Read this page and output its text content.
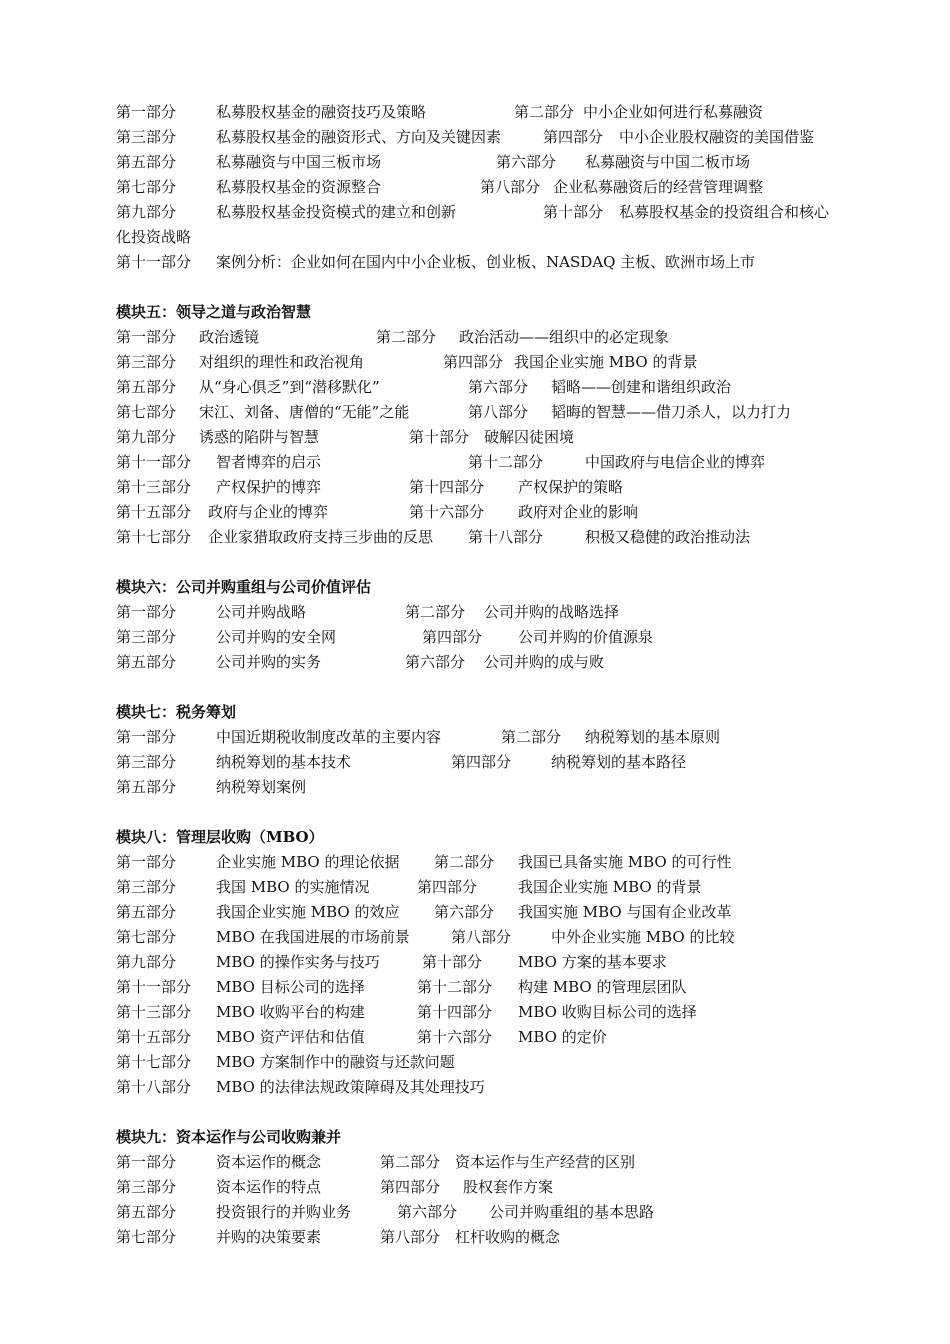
第一部分	私募股权基金的融资技巧及策略	第二部分 中小企业如何进行私募融资
第三部分	私募股权基金的融资形式、方向及关键因素	第四部分 中小企业股权融资的美国借鉴
第五部分	私募融资与中国三板市场	第六部分 私募融资与中国二板市场
第七部分	私募股权基金的资源整合	第八部分 企业私募融资后的经营管理调整
第九部分	私募股权基金投资模式的建立和创新	第十部分 私募股权基金的投资组合和核心
化投资战略
第十一部分 案例分析：企业如何在国内中小企业板、创业板、NASDAQ 主板、欧洲市场上市
模块五：领导之道与政治智慧
第一部分 政治透镜	第二部分 政治活动——组织中的必定现象
第三部分 对组织的理性和政治视角	第四部分 我国企业实施 MBO 的背景
第五部分 从“身心俱乏”到“潜移默化”	第六部分 韬略——创建和谐组织政治
第七部分 宋江、刘备、唐僧的“无能”之能	第八部分 韬晦的智慧——借刀杀人，以力打力
第九部分 诱惑的陷阱与智慧	第十部分 破解囚徒困境
第十一部分 智者博弈的启示	第十二部分	中国政府与电信企业的博弈
第十三部分 产权保护的博弈	第十四部分 产权保护的策略
第十五部分 政府与企业的博弈	第十六部分 政府对企业的影响
第十七部分 企业家猎取政府支持三步曲的反思 第十八部分	积极又稳健的政治推动法
模块六：公司并购重组与公司价值评估
第一部分	公司并购战略	第二部分 公司并购的战略选择
第三部分	公司并购的安全网	第四部分 公司并购的价值源泉
第五部分	公司并购的实务	第六部分 公司并购的成与败
模块七：税务筹划
第一部分	中国近期税收制度改革的主要内容	第二部分 纳税筹划的基本原则
第三部分	纳税筹划的基本技术	第四部分	纳税筹划的基本路径
第五部分	纳税筹划案例
模块八：管理层收购（MBO）
第一部分	企业实施 MBO 的理论依据 第二部分 我国已具备实施 MBO 的可行性
第三部分	我国 MBO 的实施情况	第四部分	我国企业实施 MBO 的背景
第五部分	我国企业实施 MBO 的效应 第六部分 我国实施 MBO 与国有企业改革
第七部分	MBO 在我国进展的市场前景	第八部分	中外企业实施 MBO 的比较
第九部分	MBO 的操作实务与技巧	第十部分 MBO 方案的基本要求
第十一部分 MBO 目标公司的选择	第十二部分 构建 MBO 的管理层团队
第十三部分 MBO 收购平台的构建	第十四部分 MBO 收购目标公司的选择
第十五部分 MBO 资产评估和估值	第十六部分 MBO 的定价
第十七部分 MBO 方案制作中的融资与还款问题
第十八部分 MBO 的法律法规政策障碍及其处理技巧
模块九：资本运作与公司收购兼并
第一部分	资本运作的概念	第二部分 资本运作与生产经营的区别
第三部分	资本运作的特点	第四部分 股权套作方案
第五部分	投资银行的并购业务	第六部分 公司并购重组的基本思路
第七部分	并购的决策要素	第八部分 杠杆收购的概念
